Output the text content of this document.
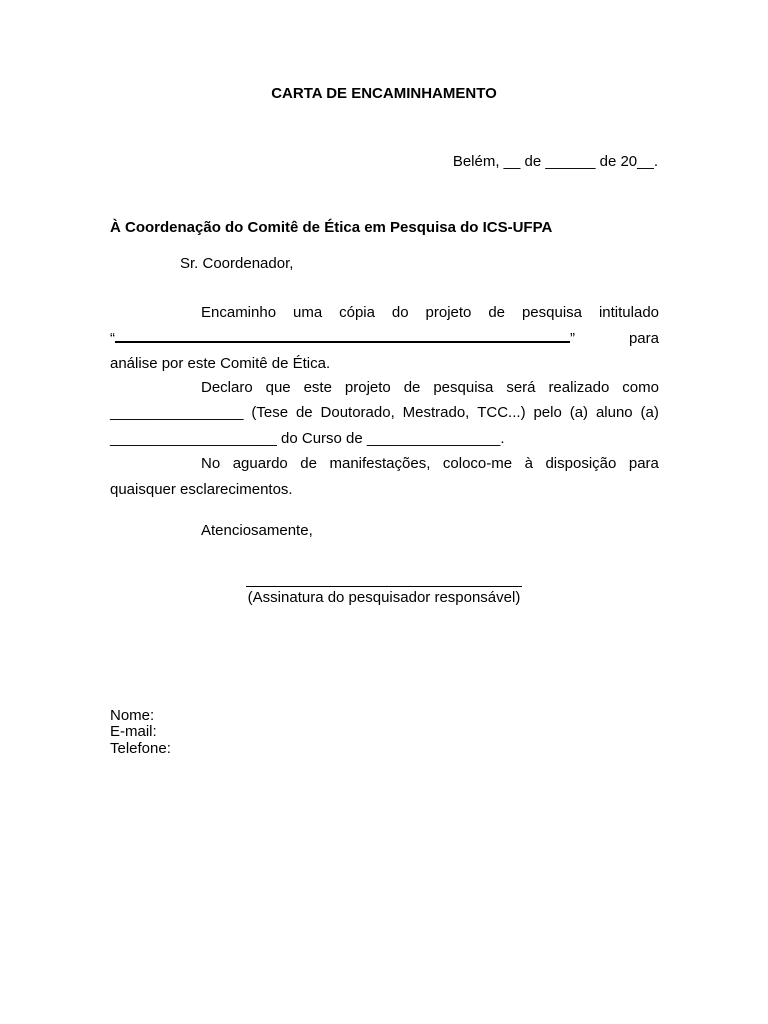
CARTA DE ENCAMINHAMENTO
Belém, __ de ______ de 20__.
À Coordenação do Comitê de Ética em Pesquisa do ICS-UFPA
Sr. Coordenador,
Encaminho uma cópia do projeto de pesquisa intitulado
“	”	para
análise por este Comitê de Ética.
Declaro que este projeto de pesquisa será realizado como
________________ (Tese de Doutorado, Mestrado, TCC...) pelo (a) aluno (a)
____________________ do Curso de ________________.
No aguardo de manifestações, coloco-me à disposição para
quaisquer esclarecimentos.
Atenciosamente,
(Assinatura do pesquisador responsável)
Nome:
E-mail:
Telefone:
